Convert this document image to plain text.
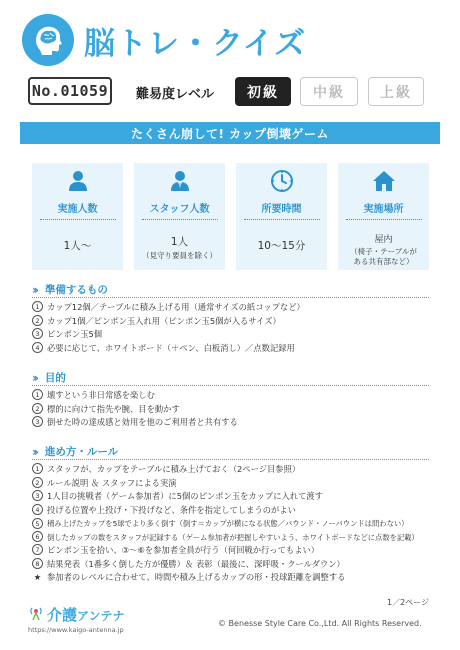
脳トレ・クイズ
No.01059 難易度レベル	初級	中級	上級
たくさん崩して! カップ倒壊ゲーム
実施人数
1人～
スタッフ人数
1人
（見守り要員を除く）
所要時間
10～15分
実施場所
屋内
（椅子・テーブルが
ある共有部など）
›› 準備するもの
1 カップ12個／テーブルに積み上げる用（通常サイズの紙コップなど）
2 カップ1個／ピンポン玉入れ用（ピンポン玉5個が入るサイズ）
3 ピンポン玉5個
4 必要に応じて、ホワイトボード（＋ペン、白板消し）／点数記録用
›› 目的
1 壊すという非日常感を楽しむ
2 標的に向けて指先や腕、目を動かす
3 倒せた時の達成感と効用を他のご利用者と共有する
›› 進め方・ルール
1 スタッフが、カップをテーブルに積み上げておく（2ページ目参照）
2 ルール説明 ＆ スタッフによる実演
3 1人目の挑戦者（ゲーム参加者）に5個のピンポン玉をカップに入れて渡す
4 投げる位置や上投げ・下投げなど、条件を指定してしまうのがよい
5 積み上げたカップを5球でより多く倒す（倒す＝カップが横になる状態／バウンド・ノーバウンドは問わない）
6 倒したカップの数をスタッフが記録する（ゲーム参加者が把握しやすいよう、ホワイトボードなどに点数を記載）
7 ピンポン玉を拾い、③～⑥を参加者全員が行う（何回戦か行ってもよい）
8 結果発表（1番多く倒した方が優勝）＆ 表彰（最後に、深呼吸・クールダウン）
★ 参加者のレベルに合わせて、時間や積み上げるカップの形・投球距離を調整する
1／2ページ
介護アンテナ
https://www.kaigo-antenna.jp
© Benesse Style Care Co.,Ltd. All Rights Reserved.
